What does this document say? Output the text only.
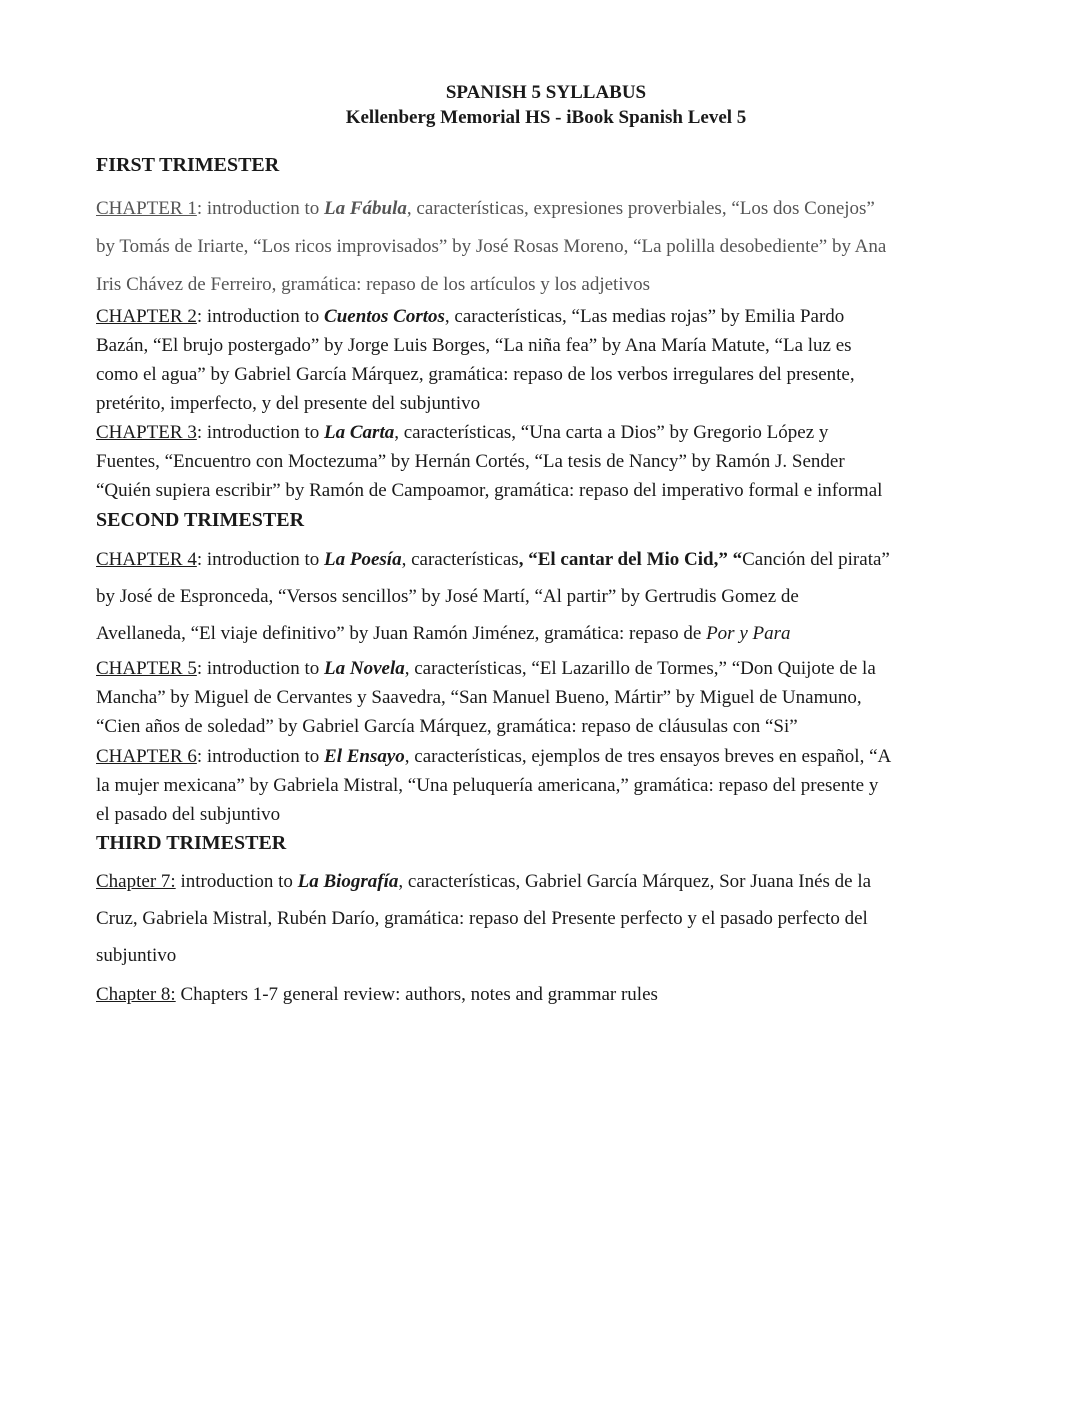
SPANISH 5 SYLLABUS
Kellenberg Memorial HS - iBook Spanish Level 5
FIRST TRIMESTER
CHAPTER 1: introduction to La Fábula, características, expresiones proverbiales, “Los dos Conejos”
by Tomás de Iriarte, “Los ricos improvisados” by José Rosas Moreno, “La polilla desobediente” by Ana
Iris Chávez de Ferreiro, gramática: repaso de los artículos y los adjetivos
CHAPTER 2: introduction to Cuentos Cortos, características, “Las medias rojas” by Emilia Pardo
Bazán, “El brujo postergado” by Jorge Luis Borges, “La niña fea” by Ana María Matute, “La luz es
como el agua” by Gabriel García Márquez, gramática: repaso de los verbos irregulares del presente,
pretérito, imperfecto, y del presente del subjuntivo
CHAPTER 3: introduction to La Carta, características, “Una carta a Dios” by Gregorio López y
Fuentes, “Encuentro con Moctezuma” by Hernán Cortés, “La tesis de Nancy” by Ramón J. Sender
“Quién supiera escribir” by Ramón de Campoamor, gramática: repaso del imperativo formal e informal
SECOND TRIMESTER
CHAPTER 4: introduction to La Poesía, características, “El cantar del Mio Cid,” “Canción del pirata”
by José de Espronceda, “Versos sencillos” by José Martí, “Al partir” by Gertrudis Gomez de
Avellaneda, “El viaje definitivo” by Juan Ramón Jiménez, gramática: repaso de Por y Para
CHAPTER 5: introduction to La Novela, características, “El Lazarillo de Tormes,” “Don Quijote de la
Mancha” by Miguel de Cervantes y Saavedra, “San Manuel Bueno, Mártir” by Miguel de Unamuno,
“Cien años de soledad” by Gabriel García Márquez, gramática: repaso de cláusulas con “Si”
CHAPTER 6: introduction to El Ensayo, características, ejemplos de tres ensayos breves en español, “A
la mujer mexicana” by Gabriela Mistral, “Una peluquería americana,” gramática: repaso del presente y
el pasado del subjuntivo
THIRD TRIMESTER
Chapter 7: introduction to La Biografía, características, Gabriel García Márquez, Sor Juana Inés de la
Cruz, Gabriela Mistral, Rubén Darío, gramática: repaso del Presente perfecto y el pasado perfecto del
subjuntivo
Chapter 8: Chapters 1-7 general review: authors, notes and grammar rules
